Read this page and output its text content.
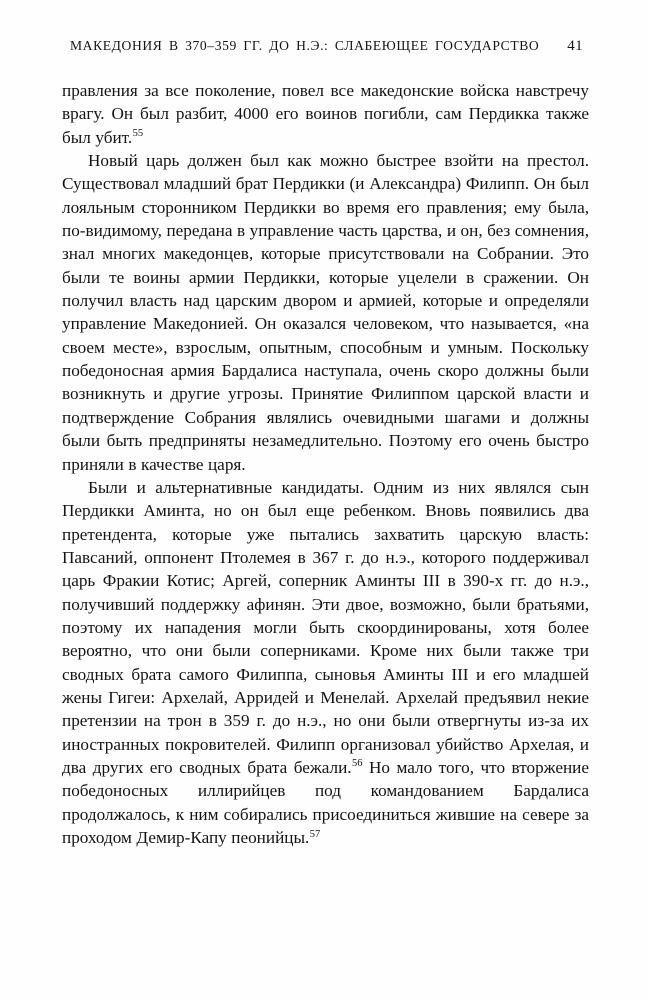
МАКЕДОНИЯ В 370–359 ГГ. ДО Н.Э.: СЛАБЕЮЩЕЕ ГОСУДАРСТВО 41

правления за все поколение, повел все македонские войска навстречу врагу. Он был разбит, 4000 его воинов погибли, сам Пердикка также был убит.$^{55}$

Новый царь должен был как можно быстрее взойти на престол. Существовал младший брат Пердикки (и Александра) Филипп. Он был лояльным сторонником Пердикки во время его правления; ему была, по-видимому, передана в управление часть царства, и он, без сомнения, знал многих македонцев, которые присутствовали на Собрании. Это были те воины армии Пердикки, которые уцелели в сражении. Он получил власть над царским двором и армией, которые и определяли управление Македонией. Он оказался человеком, что называется, «на своем месте», взрослым, опытным, способным и умным. Поскольку победоносная армия Бардалиса наступала, очень скоро должны были возникнуть и другие угрозы. Принятие Филиппом царской власти и подтверждение Собрания являлись очевидными шагами и должны были быть предприняты незамедлительно. Поэтому его очень быстро приняли в качестве царя.

Были и альтернативные кандидаты. Одним из них являлся сын Пердикки Аминта, но он был еще ребенком. Вновь появились два претендента, которые уже пытались захватить царскую власть: Павсаний, оппонент Птолемея в 367 г. до н.э., которого поддерживал царь Фракии Котис; Аргей, соперник Аминты III в 390-х гг. до н.э., получивший поддержку афинян. Эти двое, возможно, были братьями, поэтому их нападения могли быть скоординированы, хотя более вероятно, что они были соперниками. Кроме них были также три сводных брата самого Филиппа, сыновья Аминты III и его младшей жены Гигеи: Архелай, Арридей и Менелай. Архелай предъявил некие претензии на трон в 359 г. до н.э., но они были отвергнуты из-за их иностранных покровителей. Филипп организовал убийство Архелая, и два других его сводных брата бежали.$^{56}$ Но мало того, что вторжение победоносных иллирийцев под командованием Бардалиса продолжалось, к ним собирались присоединиться жившие на севере за проходом Демир-Капу пеонийцы.$^{57}$
